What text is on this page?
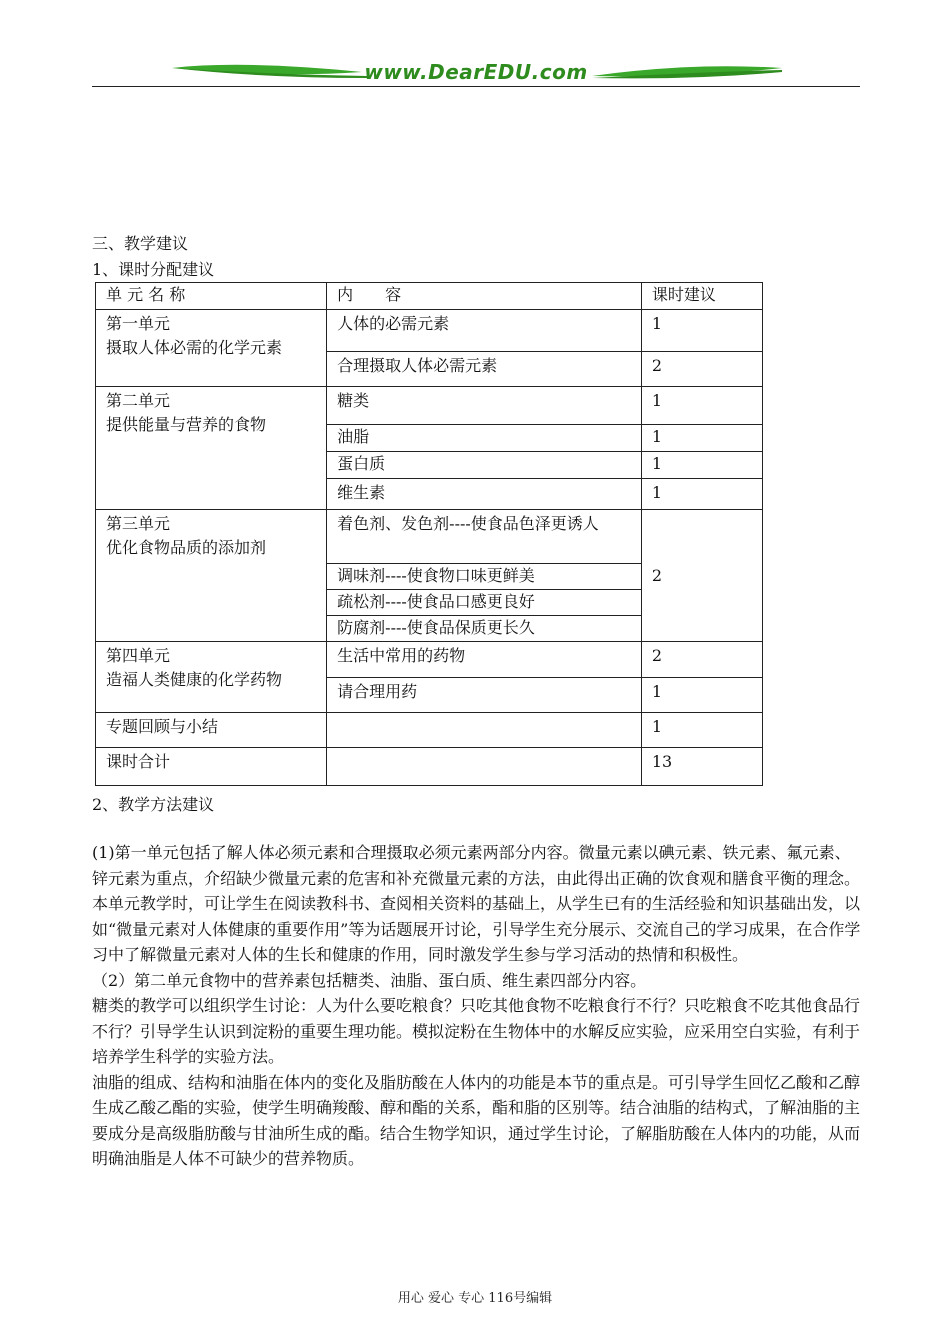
www.DearEDU.com
三、教学建议
1、课时分配建议
单 元 名 称	内　　容	课时建议

第一单元
摄取人体必需的化学元素	人体的必需元素	1
	合理摄取人体必需元素	2

第二单元
提供能量与营养的食物	糖类	1
	油脂	1
	蛋白质	1
	维生素	1

第三单元
优化食物品质的添加剂	着色剂、发色剂----使食品色泽更诱人	2
	调味剂----使食物口味更鲜美	
	疏松剂----使食品口感更良好	
	防腐剂----使食品保质更长久	

第四单元
造福人类健康的化学药物	生活中常用的药物	2
	请合理用药	1
专题回顾与小结		1
课时合计		13
2、教学方法建议

(1)第一单元包括了解人体必须元素和合理摄取必须元素两部分内容。微量元素以碘元素、铁元素、氟元素、锌元素为重点，介绍缺少微量元素的危害和补充微量元素的方法，由此得出正确的饮食观和膳食平衡的理念。

本单元教学时，可让学生在阅读教科书、查阅相关资料的基础上，从学生已有的生活经验和知识基础出发，以如“微量元素对人体健康的重要作用”等为话题展开讨论，引导学生充分展示、交流自己的学习成果，在合作学习中了解微量元素对人体的生长和健康的作用，同时激发学生参与学习活动的热情和积极性。

（2）第二单元食物中的营养素包括糖类、油脂、蛋白质、维生素四部分内容。

糖类的教学可以组织学生讨论：人为什么要吃粮食？只吃其他食物不吃粮食行不行？只吃粮食不吃其他食品行不行？引导学生认识到淀粉的重要生理功能。模拟淀粉在生物体中的水解反应实验，应采用空白实验，有利于培养学生科学的实验方法。

油脂的组成、结构和油脂在体内的变化及脂肪酸在人体内的功能是本节的重点是。可引导学生回忆乙酸和乙醇生成乙酸乙酯的实验，使学生明确羧酸、醇和酯的关系，酯和脂的区别等。结合油脂的结构式，了解油脂的主要成分是高级脂肪酸与甘油所生成的酯。结合生物学知识，通过学生讨论，了解脂肪酸在人体内的功能，从而明确油脂是人体不可缺少的营养物质。

用心 爱心 专心 116号编辑
